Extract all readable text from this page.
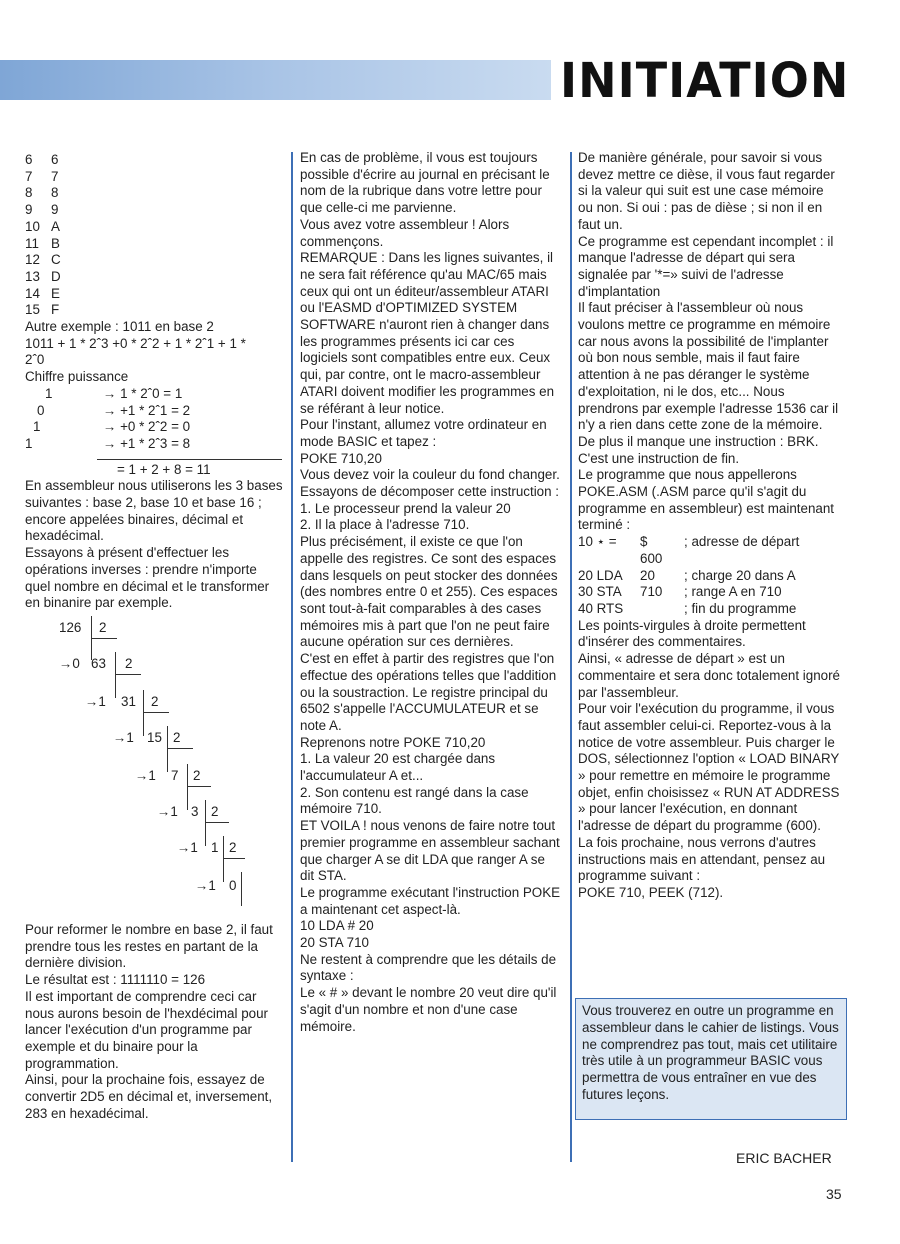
INITIATION
6	6
7	7
8	8
9	9
10	A
11	B
12	C
13	D
14	E
15	F

Autre exemple : 1011 en base 2

1011 + 1 * 2ˆ3 +0 * 2ˆ2 + 1 * 2ˆ1 + 1 *

2ˆ0

Chiffre puissance

1	→ 1 * 2ˆ0 = 1
0	→ +1 * 2ˆ1 = 2
1	→ +0 * 2ˆ2 = 0
1	→ +1 * 2ˆ3 = 8

= 1 + 2 + 8 = 11

En assembleur nous utiliserons les 3 bases suivantes : base 2, base 10 et base 16 ; encore appelées binaires, décimal et hexadécimal.

Essayons à présent d'effectuer les opérations inverses : prendre n'importe quel nombre en décimal et le transformer en binanire par exemple.

126 2
→0 63 2
→1 31 2
→1 15 2
→1 7 2
→1 3 2
→1 1 2
→1 0

Pour reformer le nombre en base 2, il faut prendre tous les restes en partant de la dernière division.

Le résultat est : 1111110 = 126

Il est important de comprendre ceci car nous aurons besoin de l'hexdécimal pour lancer l'exécution d'un programme par exemple et du binaire pour la programmation.

Ainsi, pour la prochaine fois, essayez de convertir 2D5 en décimal et, inversement, 283 en hexadécimal.

En cas de problème, il vous est toujours possible d'écrire au journal en précisant le nom de la rubrique dans votre lettre pour que celle-ci me parvienne.

Vous avez votre assembleur ! Alors commençons.

REMARQUE : Dans les lignes suivantes, il ne sera fait référence qu'au MAC/65 mais ceux qui ont un éditeur/assembleur ATARI ou l'EASMD d'OPTIMIZED SYSTEM SOFTWARE n'auront rien à changer dans les programmes présents ici car ces logiciels sont compatibles entre eux. Ceux qui, par contre, ont le macro-assembleur ATARI doivent modifier les programmes en se référant à leur notice.

Pour l'instant, allumez votre ordinateur en mode BASIC et tapez :

POKE 710,20

Vous devez voir la couleur du fond changer. Essayons de décomposer cette instruction :

1. Le processeur prend la valeur 20

2. Il la place à l'adresse 710.

Plus précisément, il existe ce que l'on appelle des registres. Ce sont des espaces dans lesquels on peut stocker des données (des nombres entre 0 et 255). Ces espaces sont tout-à-fait comparables à des cases mémoires mis à part que l'on ne peut faire aucune opération sur ces dernières.

C'est en effet à partir des registres que l'on effectue des opérations telles que l'addition ou la soustraction. Le registre principal du 6502 s'appelle l'ACCUMULATEUR et se note A.

Reprenons notre POKE 710,20

1. La valeur 20 est chargée dans l'accumulateur A et...

2. Son contenu est rangé dans la case mémoire 710.

ET VOILA ! nous venons de faire notre tout premier programme en assembleur sachant que charger A se dit LDA que ranger A se dit STA.

Le programme exécutant l'instruction POKE a maintenant cet aspect-là.

10 LDA # 20

20 STA 710

Ne restent à comprendre que les détails de syntaxe :

Le « # » devant le nombre 20 veut dire qu'il s'agit d'un nombre et non d'une case mémoire.

De manière générale, pour savoir si vous devez mettre ce dièse, il vous faut regarder si la valeur qui suit est une case mémoire ou non. Si oui : pas de dièse ; si non il en faut un.

Ce programme est cependant incomplet : il manque l'adresse de départ qui sera signalée par '*=» suivi de l'adresse d'implantation

Il faut préciser à l'assembleur où nous voulons mettre ce programme en mémoire car nous avons la possibilité de l'implanter où bon nous semble, mais il faut faire attention à ne pas déranger le système d'exploitation, ni le dos, etc... Nous prendrons par exemple l'adresse 1536 car il n'y a rien dans cette zone de la mémoire.

De plus il manque une instruction : BRK. C'est une instruction de fin.

Le programme que nous appellerons POKE.ASM (.ASM parce qu'il s'agit du programme en assembleur) est maintenant terminé :

10 ⋆ =	$ 600	; adresse de départ
20 LDA	20	; charge 20 dans A
30 STA	710	; range A en 710
40 RTS		; fin du programme

Les points-virgules à droite permettent d'insérer des commentaires.

Ainsi, « adresse de départ » est un commentaire et sera donc totalement ignoré par l'assembleur.

Pour voir l'exécution du programme, il vous faut assembler celui-ci. Reportez-vous à la notice de votre assembleur. Puis charger le DOS, sélectionnez l'option « LOAD BINARY » pour remettre en mémoire le programme objet, enfin choisissez « RUN AT ADDRESS » pour lancer l'exécution, en donnant l'adresse de départ du programme (600).

La fois prochaine, nous verrons d'autres instructions mais en attendant, pensez au programme suivant :

POKE 710, PEEK (712).

Vous trouverez en outre un programme en assembleur dans le cahier de listings. Vous ne comprendrez pas tout, mais cet utilitaire très utile à un programmeur BASIC vous permettra de vous entraîner en vue des futures leçons.
ERIC BACHER
35
